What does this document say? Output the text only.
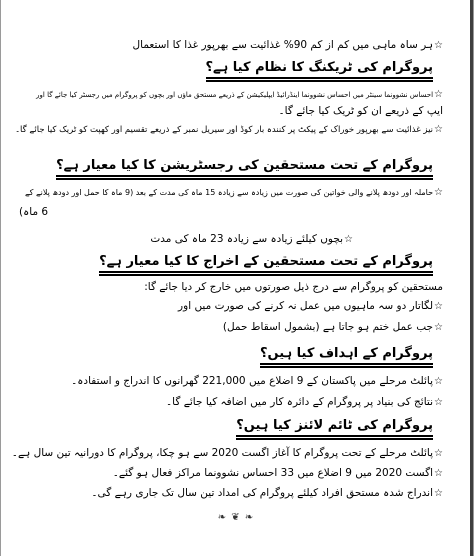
☆ ہر ساہ ماہی میں کم از کم 90% غذائیت سے بھرپور غذا کا استعمال
پروگرام کی ٹریکنگ کا نظام کیا ہے؟
☆ احساس نشوونما سینٹر میں احساس نشوونما اینڈرائیڈ ایپلیکیشن کے ذریعے مستحق ماؤں اور بچوں کو پروگرام میں رجسٹر کیا جائے گا اور
ایپ کے ذریعے ان کو ٹریک کیا جائے گا۔
☆ نیز غذائیت سے بھرپور خوراک کے پیکٹ پر کنندہ بار کوڈ اور سیریل نمبر کے ذریعے تقسیم اور کھپت کو ٹریک کیا جائے گا۔
پروگرام کے تحت مستحقین کی رجسٹریشن کا کیا معیار ہے؟
☆ حاملہ اور دودھ پلانے والی خواتین کی صورت میں زیادہ سے زیادہ 15 ماہ کی مدت کے بعد (9 ماہ کا حمل اور دودھ پلانے کے
6 ماہ)
☆ بچوں کیلئے زیادہ سے زیادہ 23 ماہ کی مدت
پروگرام کے تحت مستحقین کے اخراج کا کیا معیار ہے؟
مستحقین کو پروگرام سے درج ذیل صورتوں میں خارج کر دیا جائے گا:
☆ لگاتار دو سہ ماہیوں میں عمل نہ کرنے کی صورت میں اور
☆ جب عمل ختم ہو جاتا ہے (بشمول اسقاط حمل)
پروگرام کے اہداف کیا ہیں؟
☆ پائلٹ مرحلے میں پاکستان کے 9 اضلاع میں 221,000 گھرانوں کا اندراج و استفادہ۔
☆ نتائج کی بنیاد پر پروگرام کے دائرہ کار میں اضافہ کیا جائے گا۔
پروگرام کی ٹائم لائنز کیا ہیں؟
☆ پائلٹ مرحلے کے تحت پروگرام کا آغاز اگست 2020 سے ہو چکا، پروگرام کا دورانیہ تین سال ہے۔
☆ اگست 2020 میں 9 اضلاع میں 33 احساس نشوونما مراکز فعال ہو گئے۔
☆ اندراج شدہ مستحق افراد کیلئے پروگرام کی امداد تین سال تک جاری رہے گی۔
❧ ❦ ❧
